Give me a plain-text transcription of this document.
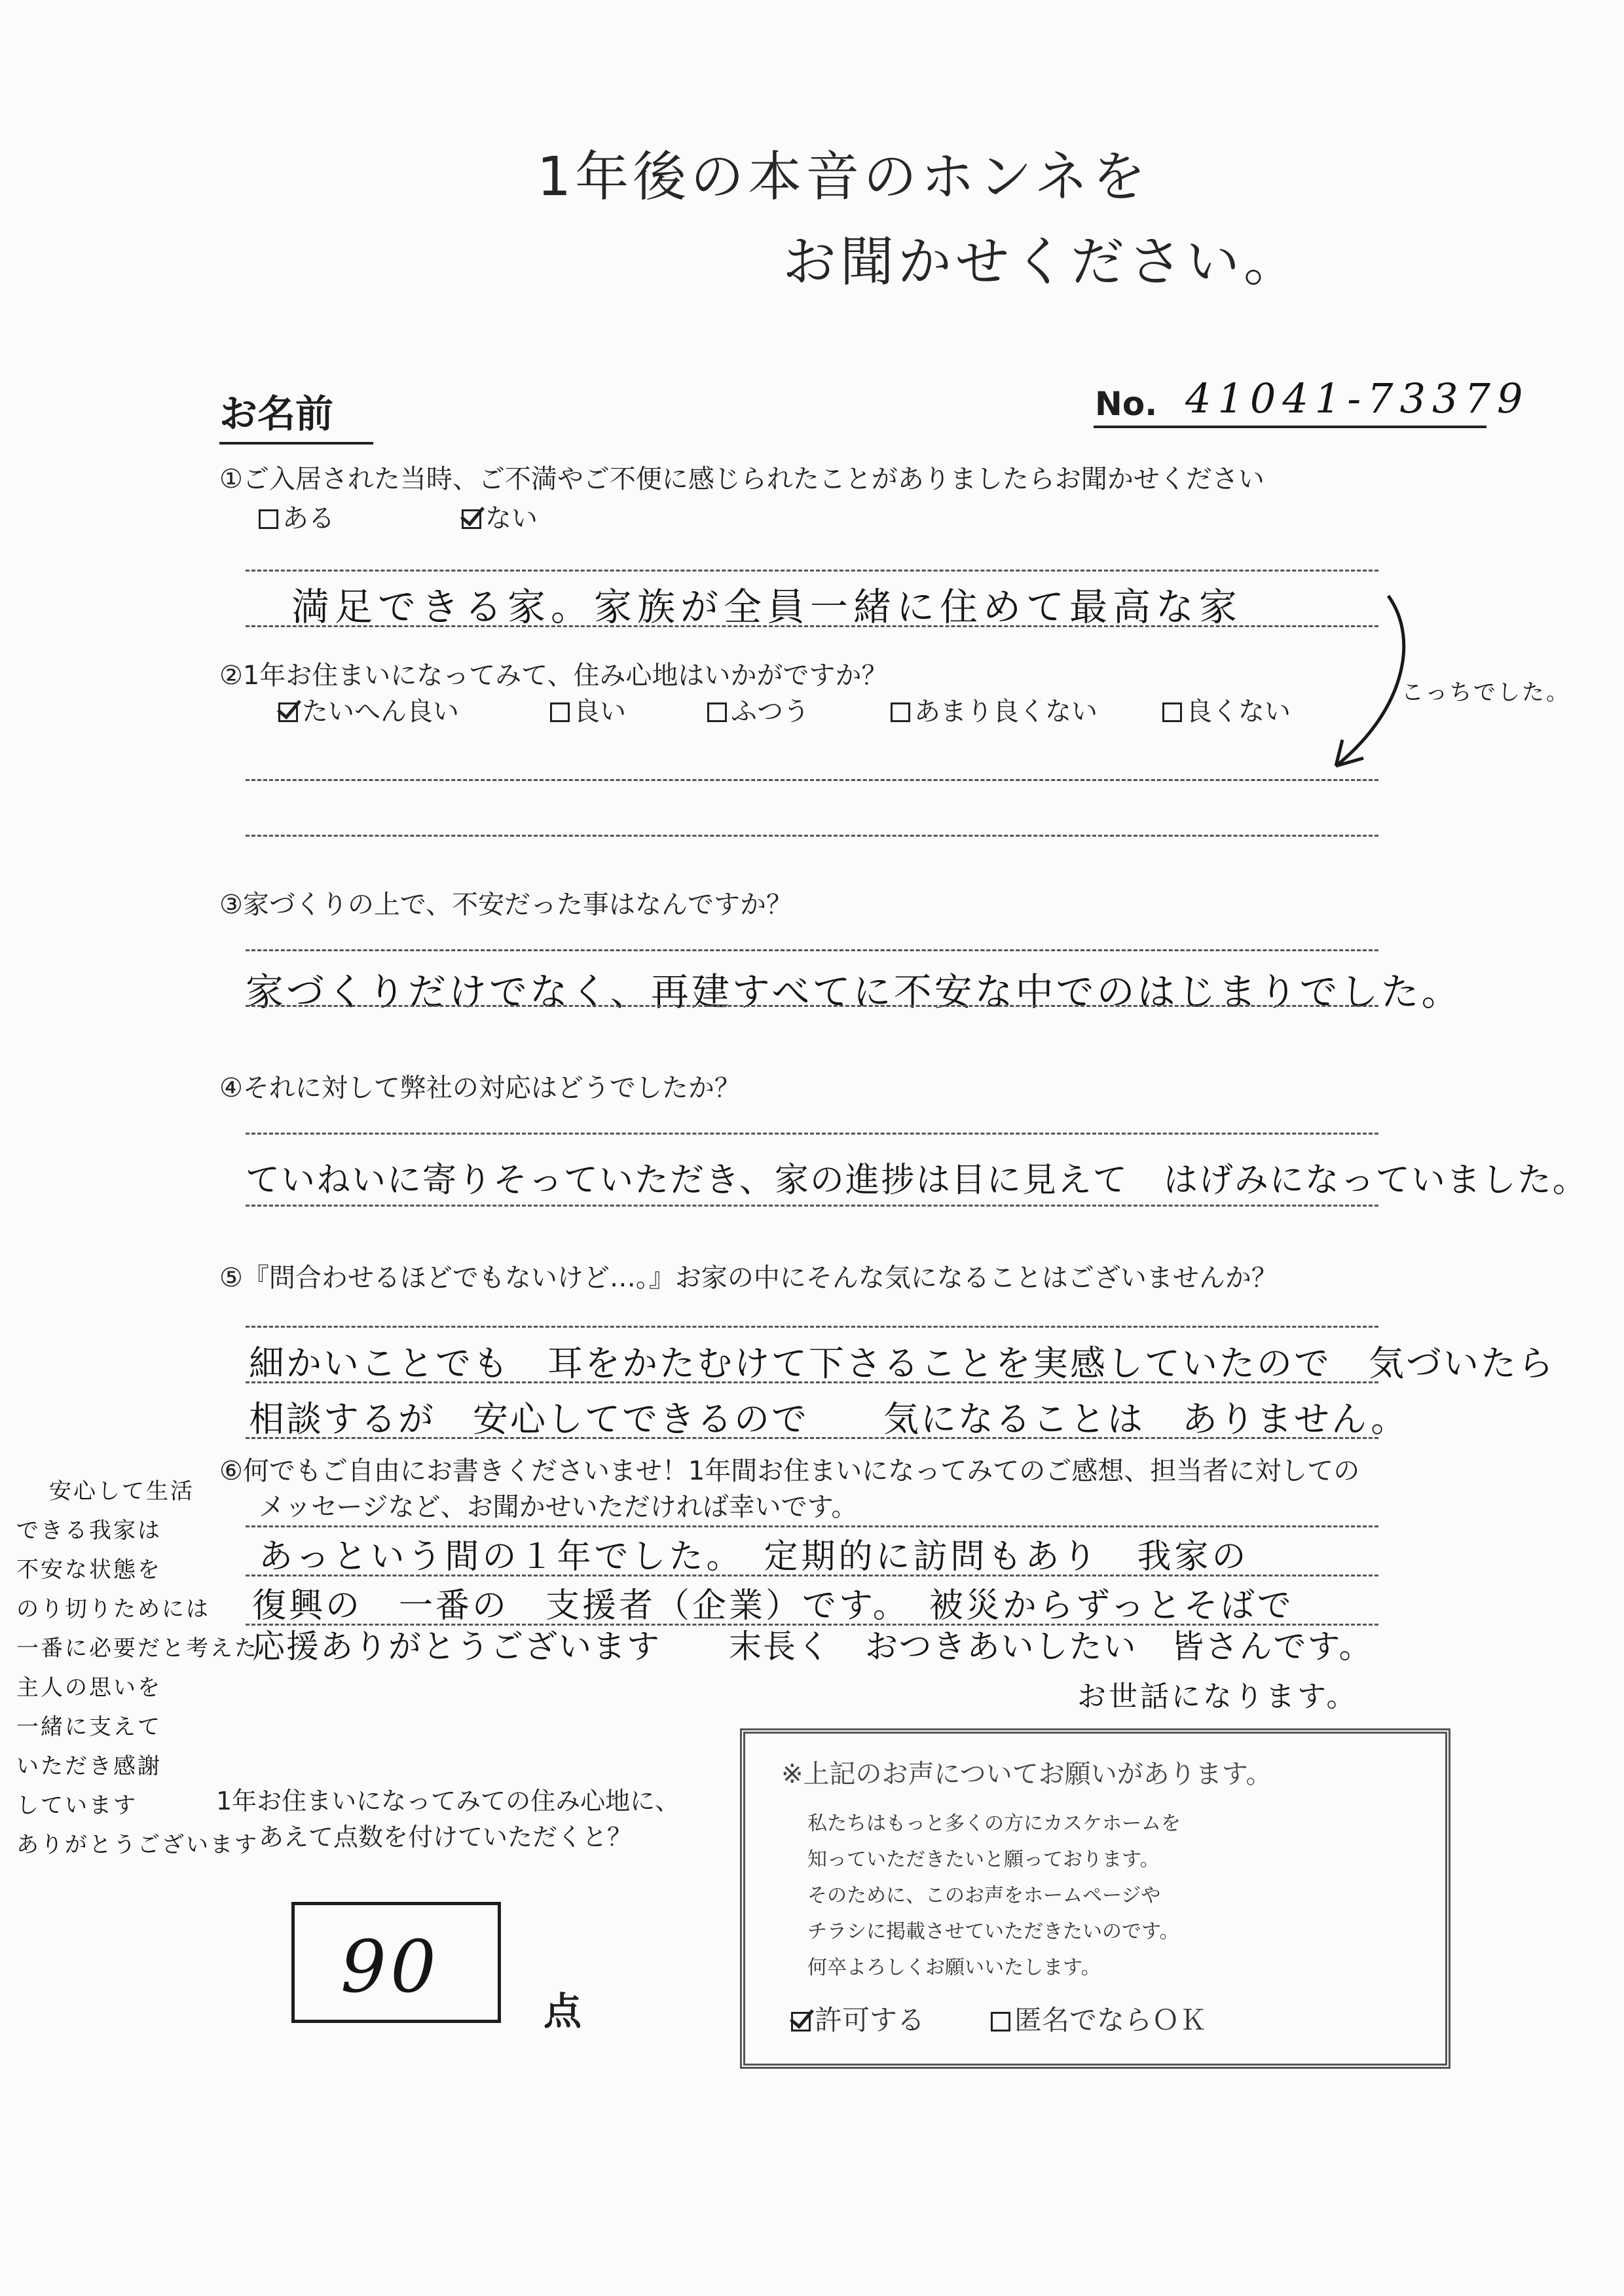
1年後の本音のホンネを
お聞かせください。
お名前	No. 41041-73379
①ご入居された当時、ご不満やご不便に感じられたことがありましたらお聞かせください
ある	ない
満足できる家。家族が全員一緒に住めて最高な家
②1年お住まいになってみて、住み心地はいかがですか？
たいへん良い	良い	ふつう	あまり良くない	良くない
こっちでした。
③家づくりの上で、不安だった事はなんですか？
家づくりだけでなく、再建すべてに不安な中でのはじまりでした。
④それに対して弊社の対応はどうでしたか？
ていねいに寄りそっていただき、家の進捗は目に見えて　はげみになっていました。
⑤『問合わせるほどでもないけど…。』お家の中にそんな気になることはございませんか？
細かいことでも　耳をかたむけて下さることを実感していたので　気づいたら
相談するが　安心してできるので　　気になることは　ありません。
⑥何でもご自由にお書きくださいませ！1年間お住まいになってみてのご感想、担当者に対しての
メッセージなど、お聞かせいただければ幸いです。
あっという間の１年でした。　定期的に訪問もあり　我家の
復興の　一番の　支援者（企業）です。　被災からずっとそばで
応援ありがとうございます　　末長く　おつきあいしたい　皆さんです。
お世話になります。
安心して生活
できる我家は
不安な状態を
のり切りためには
一番に必要だと考えた
主人の思いを
一緒に支えて
いただき感謝
しています
ありがとうございます
1年お住まいになってみての住み心地に、
あえて点数を付けていただくと？
90
点
※上記のお声についてお願いがあります。
私たちはもっと多くの方にカスケホームを
知っていただきたいと願っております。
そのために、このお声をホームページや
チラシに掲載させていただきたいのです。
何卒よろしくお願いいたします。
許可する	匿名でならＯＫ
